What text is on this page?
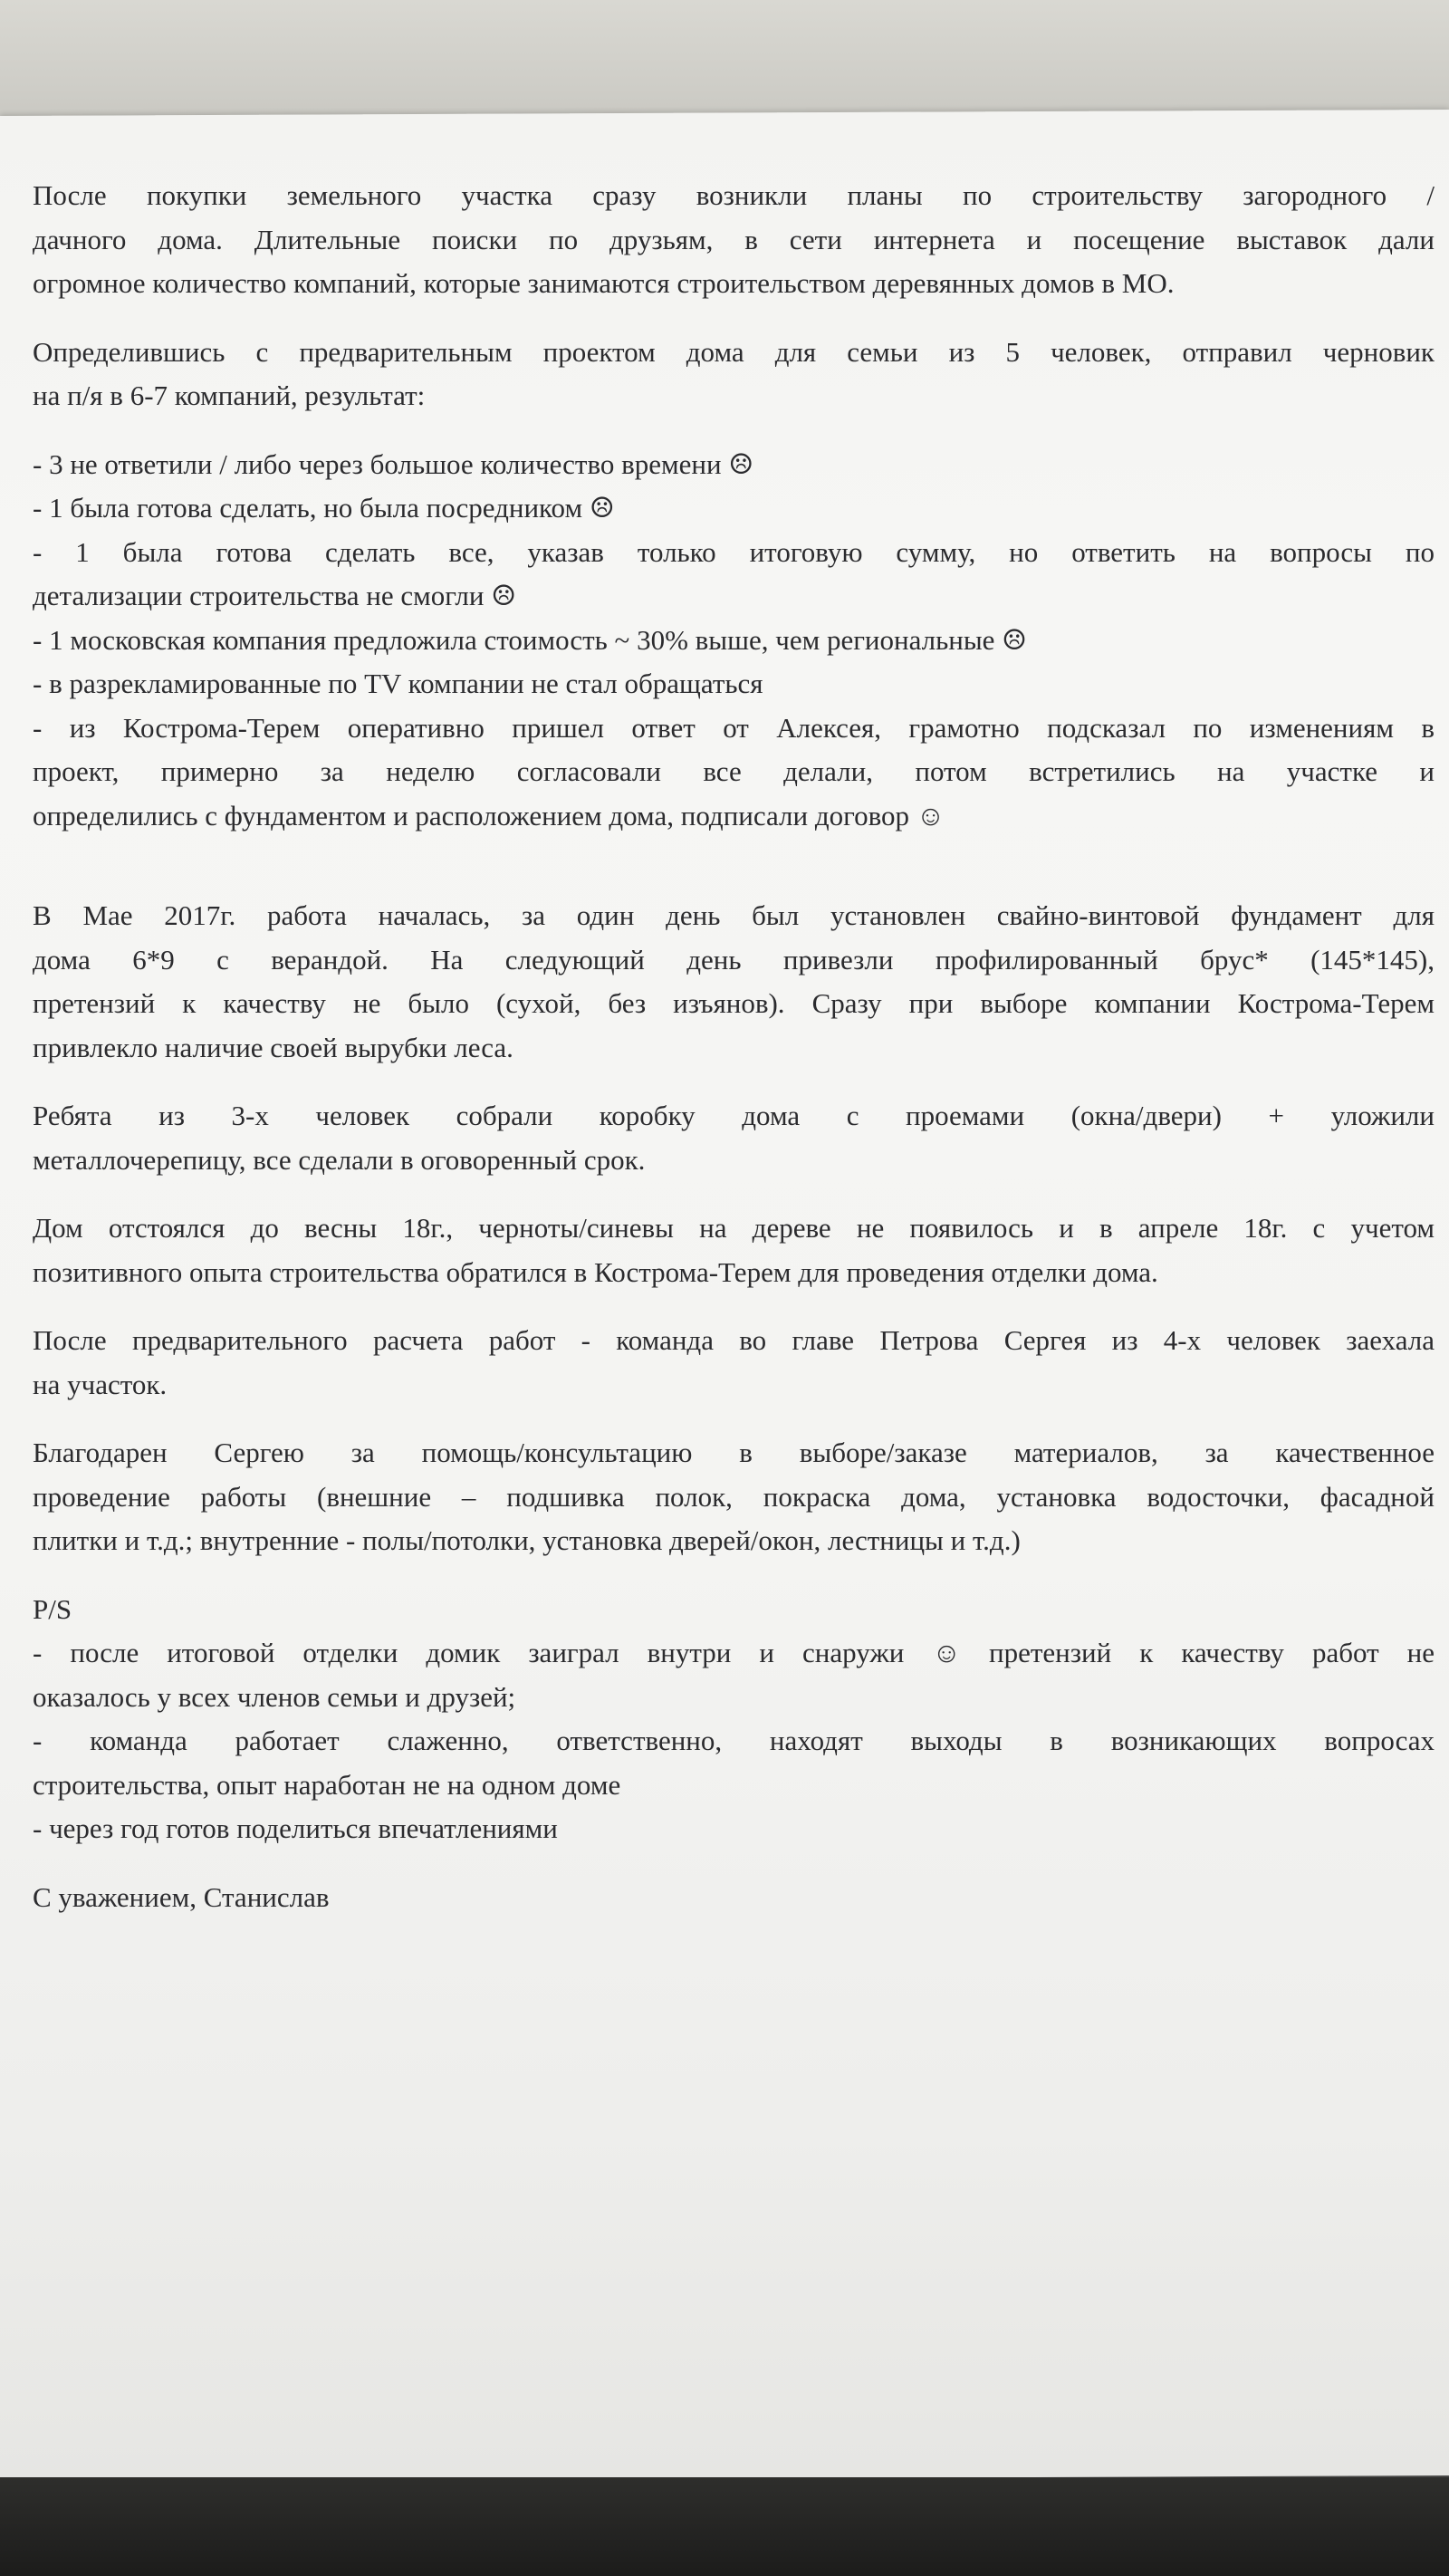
После покупки земельного участка сразу возникли планы по строительству загородного /
дачного дома. Длительные поиски по друзьям, в сети интернета и посещение выставок дали
огромное количество компаний, которые занимаются строительством деревянных домов в МО.

Определившись с предварительным проектом дома для семьи из 5 человек, отправил черновик
на п/я в 6-7 компаний, результат:

- 3 не ответили / либо через большое количество времени ☹
- 1 была готова сделать, но была посредником ☹
- 1 была готова сделать все, указав только итоговую сумму, но ответить на вопросы по
детализации строительства не смогли ☹
- 1 московская компания предложила стоимость ~ 30% выше, чем региональные ☹
- в разрекламированные по TV компании не стал обращаться
- из Кострома-Терем оперативно пришел ответ от Алексея, грамотно подсказал по изменениям в
проект, примерно за неделю согласовали все делали, потом встретились на участке и
определились с фундаментом и расположением дома, подписали договор ☺

В Мае 2017г. работа началась, за один день был установлен свайно-винтовой фундамент для
дома 6*9 с верандой. На следующий день привезли профилированный брус* (145*145),
претензий к качеству не было (сухой, без изъянов). Сразу при выборе компании Кострома-Терем
привлекло наличие своей вырубки леса.

Ребята из 3-х человек собрали коробку дома с проемами (окна/двери) + уложили
металлочерепицу, все сделали в оговоренный срок.

Дом отстоялся до весны 18г., черноты/синевы на дереве не появилось и в апреле 18г. с учетом
позитивного опыта строительства обратился в Кострома-Терем для проведения отделки дома.

После предварительного расчета работ - команда во главе Петрова Сергея из 4-х человек заехала
на участок.

Благодарен Сергею за помощь/консультацию в выборе/заказе материалов, за качественное
проведение работы (внешние – подшивка полок, покраска дома, установка водосточки, фасадной
плитки и т.д.; внутренние - полы/потолки, установка дверей/окон, лестницы и т.д.)

P/S
- после итоговой отделки домик заиграл внутри и снаружи ☺ претензий к качеству работ не
оказалось у всех членов семьи и друзей;
- команда работает слаженно, ответственно, находят выходы в возникающих вопросах
строительства, опыт наработан не на одном доме
- через год готов поделиться впечатлениями

С уважением, Станислав
